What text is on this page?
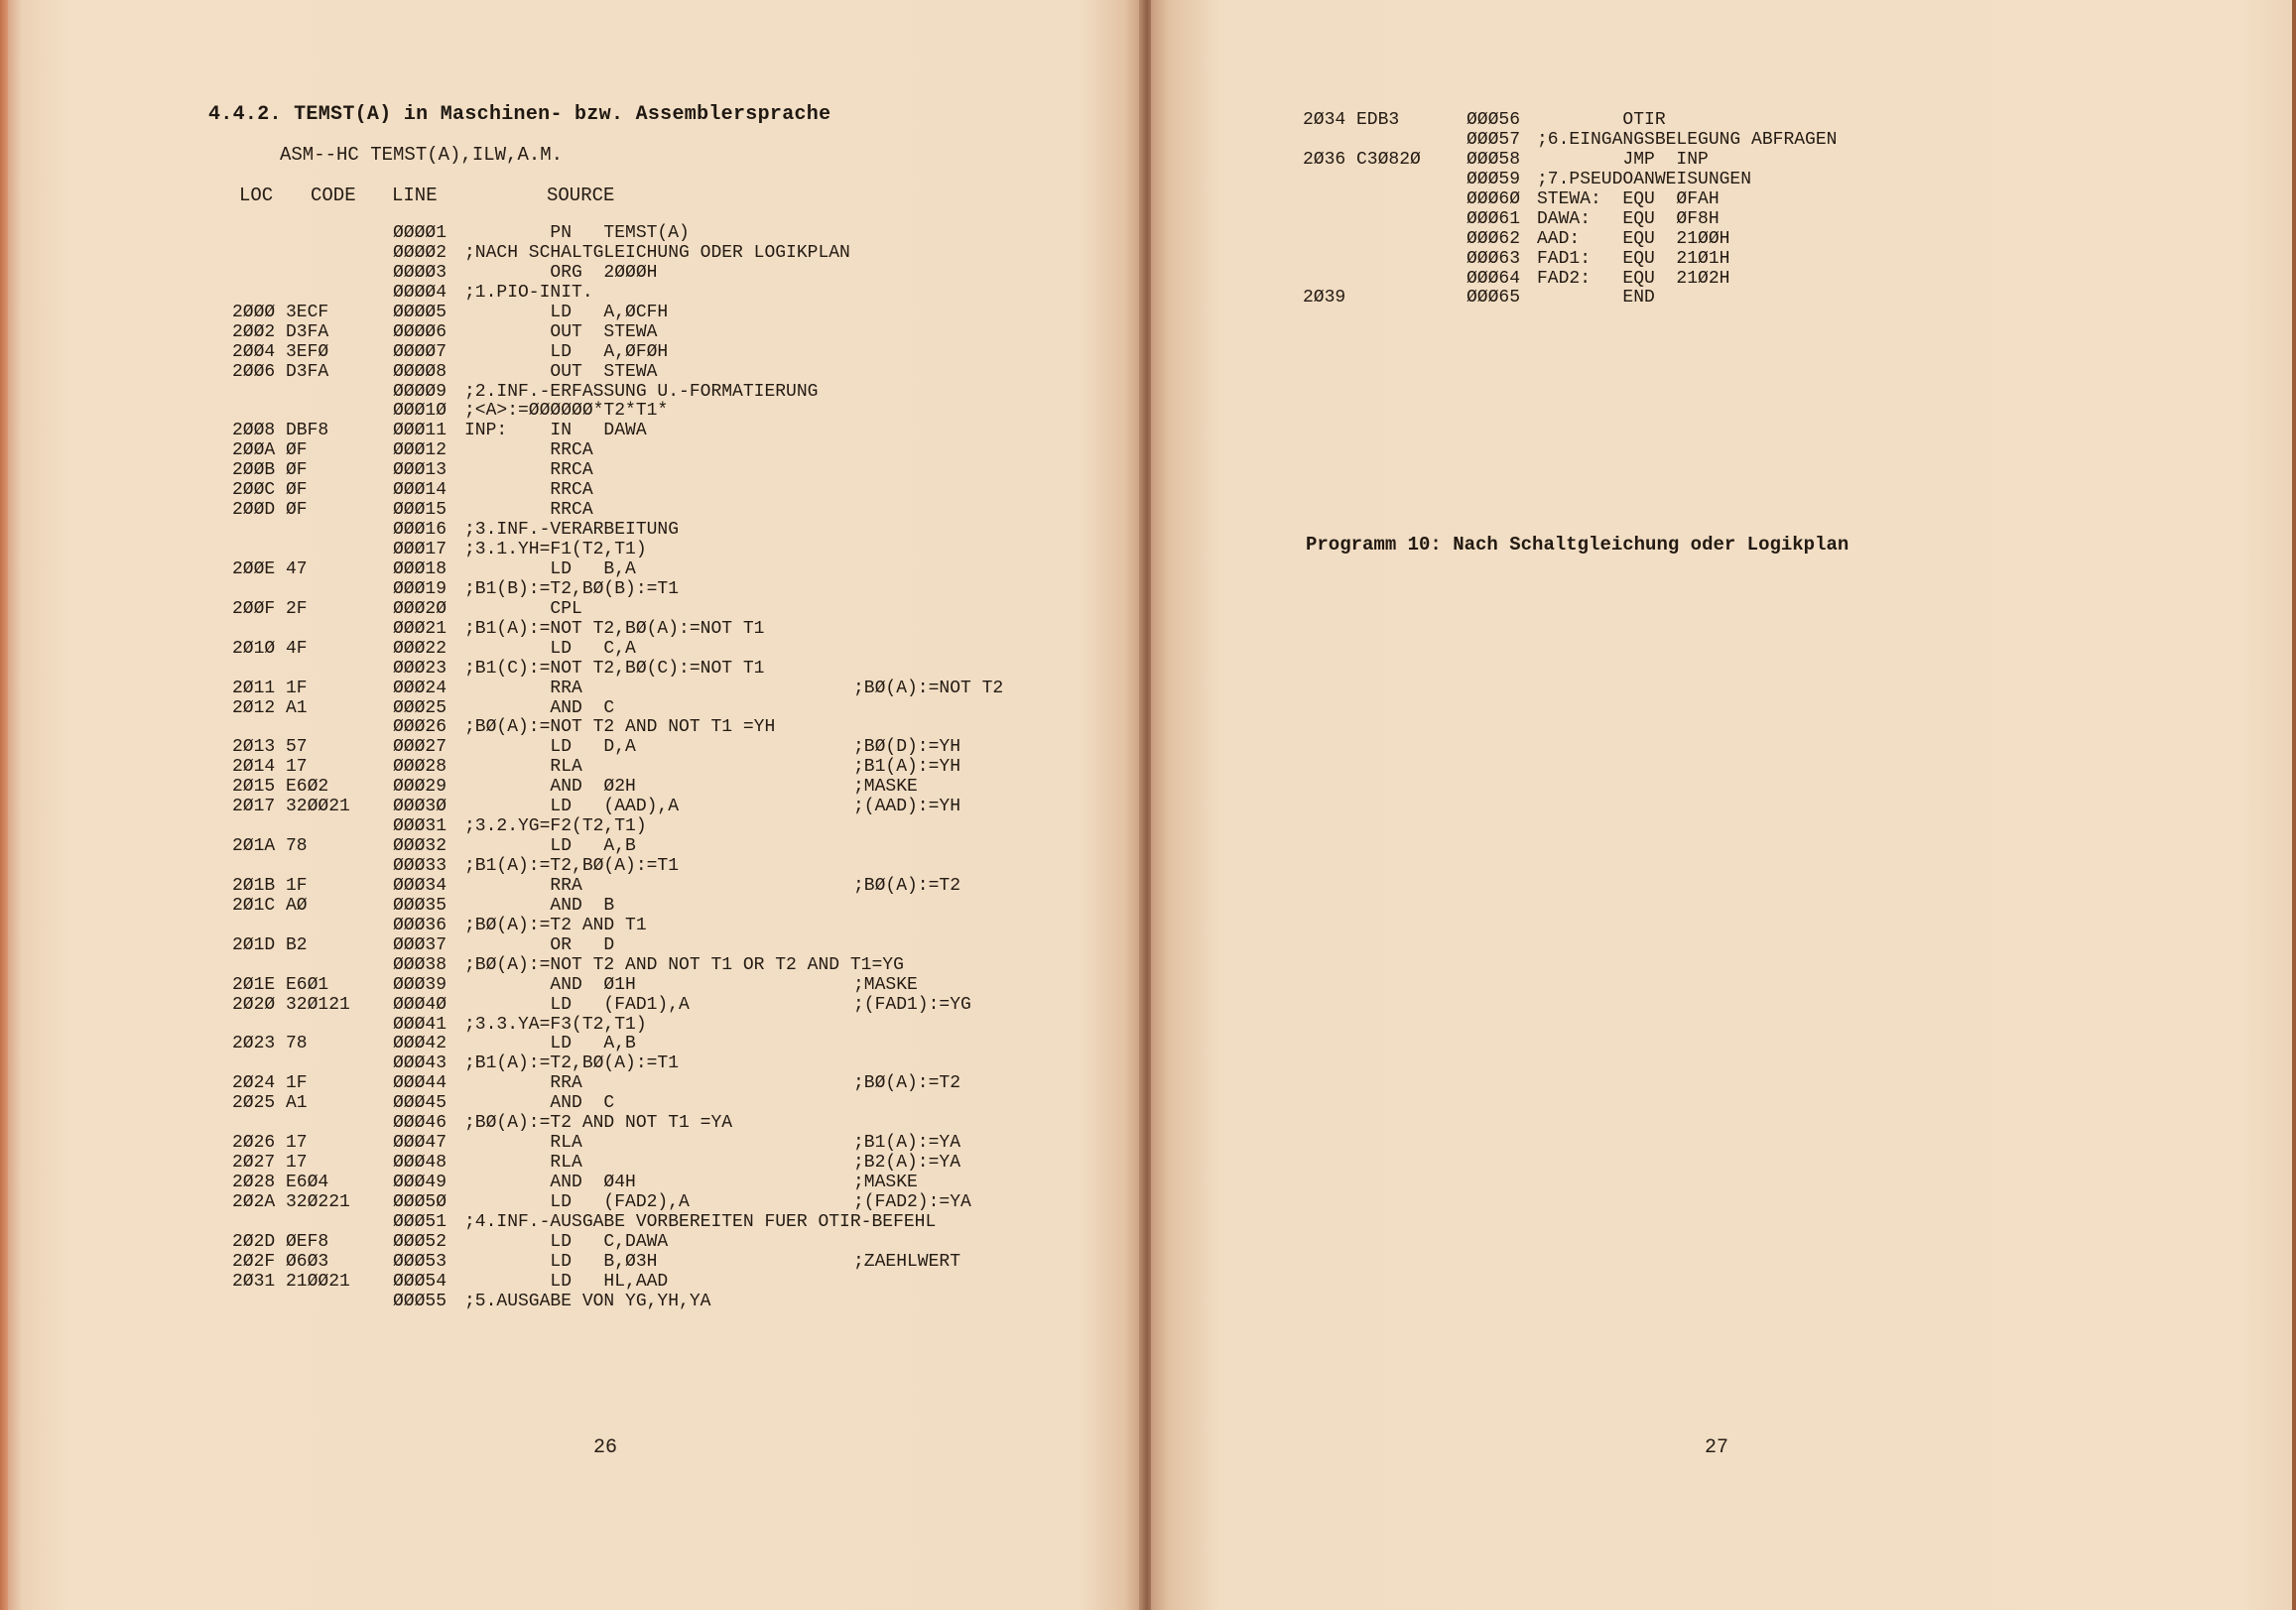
4.4.2. TEMST(A) in Maschinen- bzw. Assemblersprache
ASM--HC TEMST(A),ILW,A.M.
LOC CODE LINE	SOURCE
ØØØØ1 PN   TEMST(A)
ØØØØ2 ;NACH SCHALTGLEICHUNG ODER LOGIKPLAN
ØØØØ3 ORG  2ØØØH
ØØØØ4 ;1.PIO-INIT.
2ØØØ 3ECF	ØØØØ5 LD   A,ØCFH
2ØØ2 D3FA	ØØØØ6 OUT  STEWA
2ØØ4 3EFØ	ØØØØ7 LD   A,ØFØH
2ØØ6 D3FA	ØØØØ8 OUT  STEWA
ØØØØ9 ;2.INF.-ERFASSUNG U.-FORMATIERUNG
ØØØ1Ø ;<A>:=ØØØØØØ*T2*T1*
2ØØ8 DBF8	ØØØ11 INP:    IN   DAWA
2ØØA ØF	ØØØ12 RRCA
2ØØB ØF	ØØØ13 RRCA
2ØØC ØF	ØØØ14 RRCA
2ØØD ØF	ØØØ15 RRCA
ØØØ16 ;3.INF.-VERARBEITUNG
ØØØ17 ;3.1.YH=F1(T2,T1)
2ØØE 47	ØØØ18 LD   B,A
ØØØ19 ;B1(B):=T2,BØ(B):=T1
2ØØF 2F	ØØØ2Ø CPL
ØØØ21 ;B1(A):=NOT T2,BØ(A):=NOT T1
2Ø1Ø 4F	ØØØ22 LD   C,A
ØØØ23 ;B1(C):=NOT T2,BØ(C):=NOT T1
2Ø11 1F	ØØØ24 RRA	;BØ(A):=NOT T2
2Ø12 A1	ØØØ25 AND  C
ØØØ26 ;BØ(A):=NOT T2 AND NOT T1 =YH
2Ø13 57	ØØØ27 LD   D,A	;BØ(D):=YH
2Ø14 17	ØØØ28 RLA	;B1(A):=YH
2Ø15 E6Ø2	ØØØ29 AND  Ø2H	;MASKE
2Ø17 32ØØ21 ØØØ3Ø LD   (AAD),A	;(AAD):=YH
ØØØ31 ;3.2.YG=F2(T2,T1)
2Ø1A 78	ØØØ32 LD   A,B
ØØØ33 ;B1(A):=T2,BØ(A):=T1
2Ø1B 1F	ØØØ34 RRA	;BØ(A):=T2
2Ø1C AØ	ØØØ35 AND  B
ØØØ36 ;BØ(A):=T2 AND T1
2Ø1D B2	ØØØ37 OR   D
ØØØ38 ;BØ(A):=NOT T2 AND NOT T1 OR T2 AND T1=YG
2Ø1E E6Ø1	ØØØ39 AND  Ø1H	;MASKE
2Ø2Ø 32Ø121 ØØØ4Ø LD   (FAD1),A	;(FAD1):=YG
ØØØ41 ;3.3.YA=F3(T2,T1)
2Ø23 78	ØØØ42 LD   A,B
ØØØ43 ;B1(A):=T2,BØ(A):=T1
2Ø24 1F	ØØØ44 RRA	;BØ(A):=T2
2Ø25 A1	ØØØ45 AND  C
ØØØ46 ;BØ(A):=T2 AND NOT T1 =YA
2Ø26 17	ØØØ47 RLA	;B1(A):=YA
2Ø27 17	ØØØ48 RLA	;B2(A):=YA
2Ø28 E6Ø4	ØØØ49 AND  Ø4H	;MASKE
2Ø2A 32Ø221 ØØØ5Ø LD   (FAD2),A	;(FAD2):=YA
ØØØ51 ;4.INF.-AUSGABE VORBEREITEN FUER OTIR-BEFEHL
2Ø2D ØEF8	ØØØ52 LD   C,DAWA
2Ø2F Ø6Ø3	ØØØ53 LD   B,Ø3H	;ZAEHLWERT
2Ø31 21ØØ21 ØØØ54 LD   HL,AAD
ØØØ55 ;5.AUSGABE VON YG,YH,YA
26
2Ø34 EDB3	ØØØ56 OTIR
ØØØ57 ;6.EINGANGSBELEGUNG ABFRAGEN
2Ø36 C3Ø82Ø	ØØØ58 JMP  INP
ØØØ59 ;7.PSEUDOANWEISUNGEN
ØØØ6Ø STEWA:  EQU  ØFAH
ØØØ61 DAWA:   EQU  ØF8H
ØØØ62 AAD:    EQU  21ØØH
ØØØ63 FAD1:   EQU  21Ø1H
ØØØ64 FAD2:   EQU  21Ø2H
2Ø39	ØØØ65 END
27
Programm 10: Nach Schaltgleichung oder Logikplan
